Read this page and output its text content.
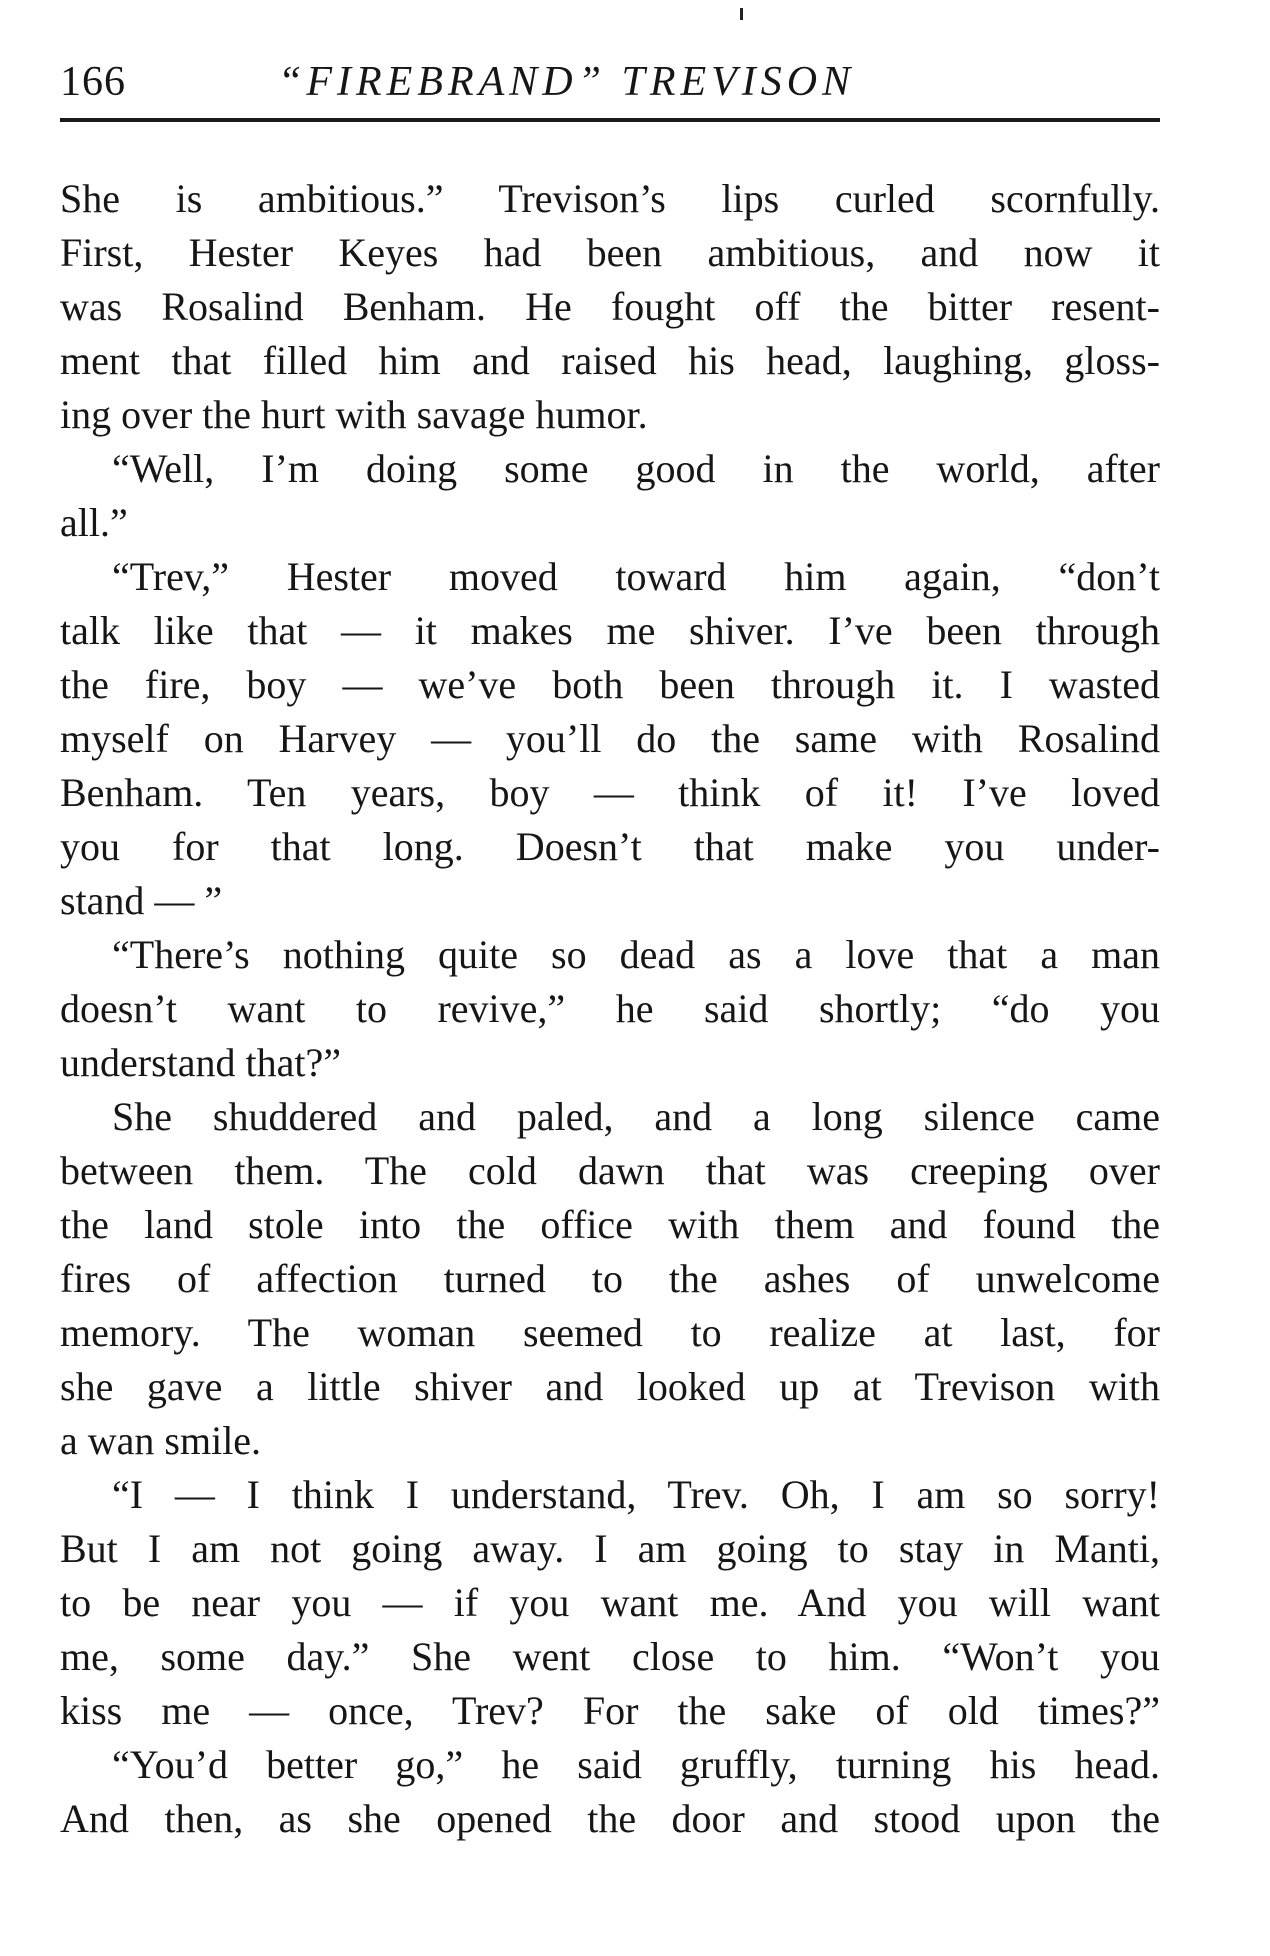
166	“FIREBRAND” TREVISON
She is ambitious.” Trevison’s lips curled scornfully.
First, Hester Keyes had been ambitious, and now it
was Rosalind Benham. He fought off the bitter resent-
ment that filled him and raised his head, laughing, gloss-
ing over the hurt with savage humor.
“Well, I’m doing some good in the world, after
all.”
“Trev,” Hester moved toward him again, “don’t
talk like that — it makes me shiver. I’ve been through
the fire, boy — we’ve both been through it. I wasted
myself on Harvey — you’ll do the same with Rosalind
Benham. Ten years, boy — think of it! I’ve loved
you for that long. Doesn’t that make you under-
stand — ”
“There’s nothing quite so dead as a love that a man
doesn’t want to revive,” he said shortly; “do you
understand that?”
She shuddered and paled, and a long silence came
between them. The cold dawn that was creeping over
the land stole into the office with them and found the
fires of affection turned to the ashes of unwelcome
memory. The woman seemed to realize at last, for
she gave a little shiver and looked up at Trevison with
a wan smile.
“I — I think I understand, Trev. Oh, I am so sorry!
But I am not going away. I am going to stay in Manti,
to be near you — if you want me. And you will want
me, some day.” She went close to him. “Won’t you
kiss me — once, Trev? For the sake of old times?”
“You’d better go,” he said gruffly, turning his head.
And then, as she opened the door and stood upon the
